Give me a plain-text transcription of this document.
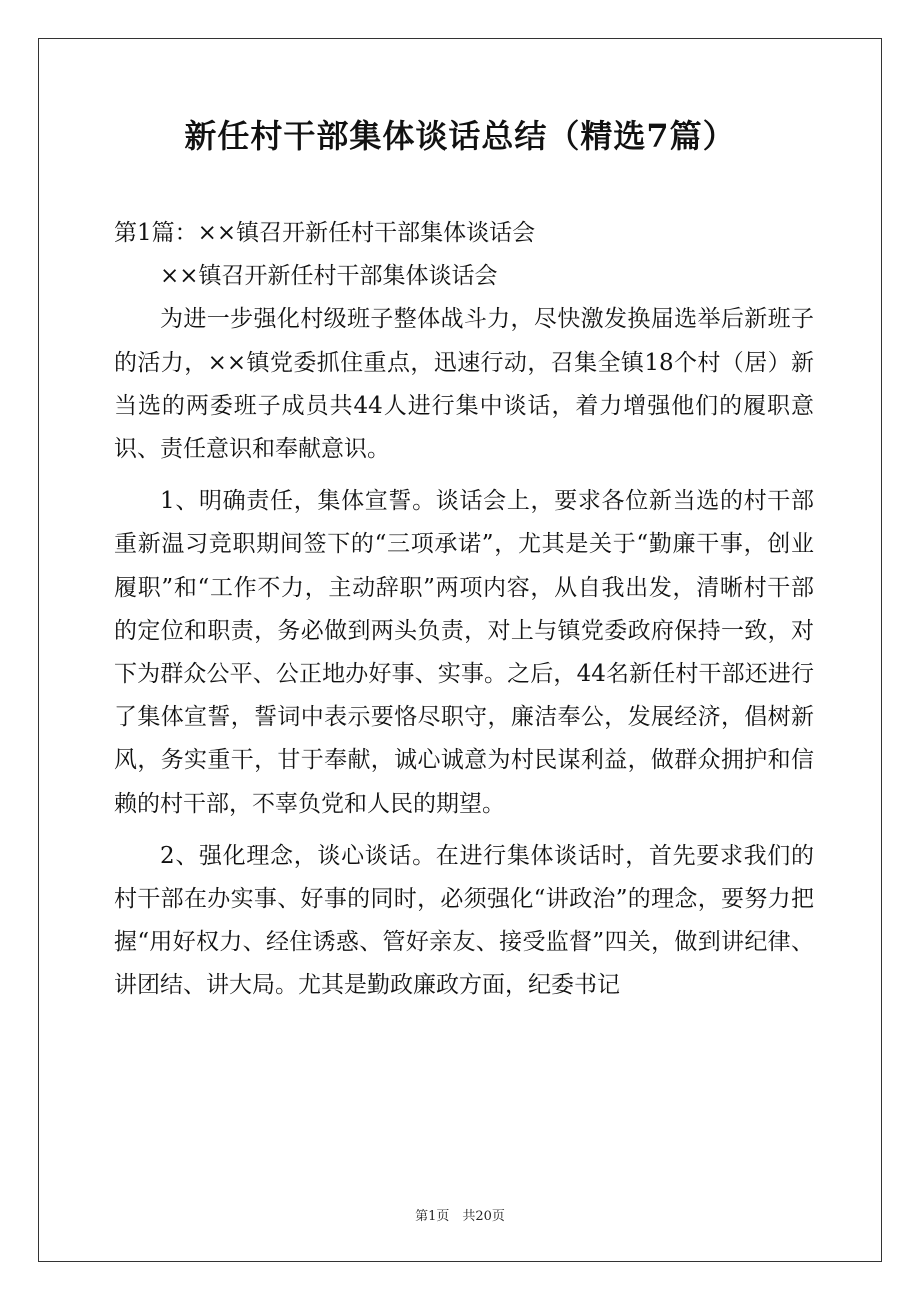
新任村干部集体谈话总结（精选7篇）

第1篇：××镇召开新任村干部集体谈话会

××镇召开新任村干部集体谈话会

为进一步强化村级班子整体战斗力，尽快激发换届选举后新班子的活力，××镇党委抓住重点，迅速行动，召集全镇18个村（居）新当选的两委班子成员共44人进行集中谈话，着力增强他们的履职意识、责任意识和奉献意识。

1、明确责任，集体宣誓。谈话会上，要求各位新当选的村干部重新温习竞职期间签下的“三项承诺”，尤其是关于“勤廉干事，创业履职”和“工作不力，主动辞职”两项内容，从自我出发，清晰村干部的定位和职责，务必做到两头负责，对上与镇党委政府保持一致，对下为群众公平、公正地办好事、实事。之后，44名新任村干部还进行了集体宣誓，誓词中表示要恪尽职守，廉洁奉公，发展经济，倡树新风，务实重干，甘于奉献，诚心诚意为村民谋利益，做群众拥护和信赖的村干部，不辜负党和人民的期望。

2、强化理念，谈心谈话。在进行集体谈话时，首先要求我们的村干部在办实事、好事的同时，必须强化“讲政治”的理念，要努力把握“用好权力、经住诱惑、管好亲友、接受监督”四关，做到讲纪律、讲团结、讲大局。尤其是勤政廉政方面，纪委书记

第1页　共20页
